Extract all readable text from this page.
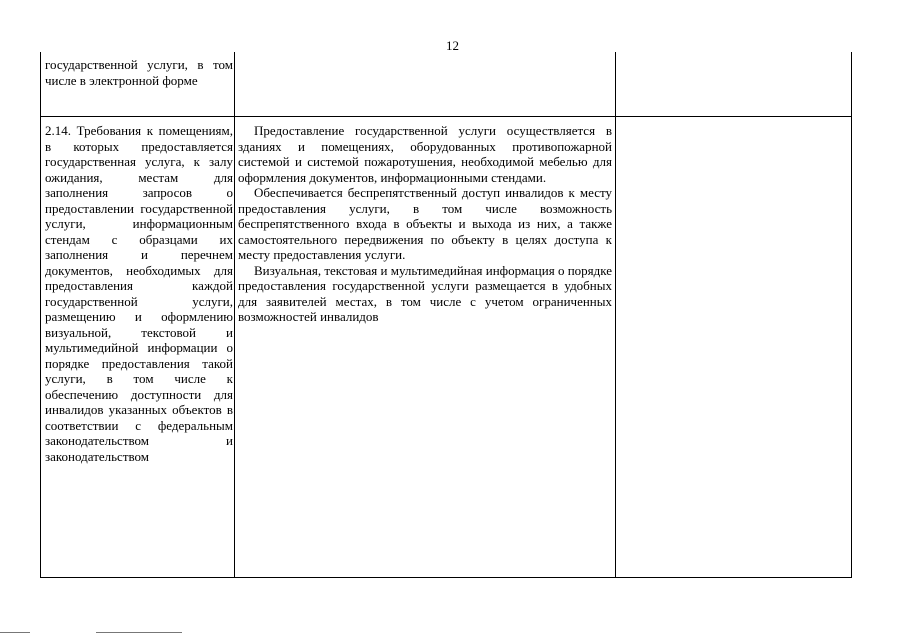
12
государственной услуги, в том числе в электронной форме
2.14. Требования к помещениям, в которых предоставляется государственная услуга, к залу ожидания, местам для заполнения запросов о предоставлении государственной услуги, информационным стендам с образцами их заполнения и перечнем документов, необходимых для предоставления каждой государственной услуги, размещению и оформлению визуальной, текстовой и мультимедийной информации о порядке предоставления такой услуги, в том числе к обеспечению доступности для инвалидов указанных объектов в соответствии с федеральным законодательством и законодательством

Предоставление государственной услуги осуществляется в зданиях и помещениях, оборудованных противопожарной системой и системой пожаротушения, необходимой мебелью для оформления документов, информационными стендами.

Обеспечивается беспрепятственный доступ инвалидов к месту предоставления услуги, в том числе возможность беспрепятственного входа в объекты и выхода из них, а также самостоятельного передвижения по объекту в целях доступа к месту предоставления услуги.

Визуальная, текстовая и мультимедийная информация о порядке предоставления государственной услуги размещается в удобных для заявителей местах, в том числе с учетом ограниченных возможностей инвалидов
